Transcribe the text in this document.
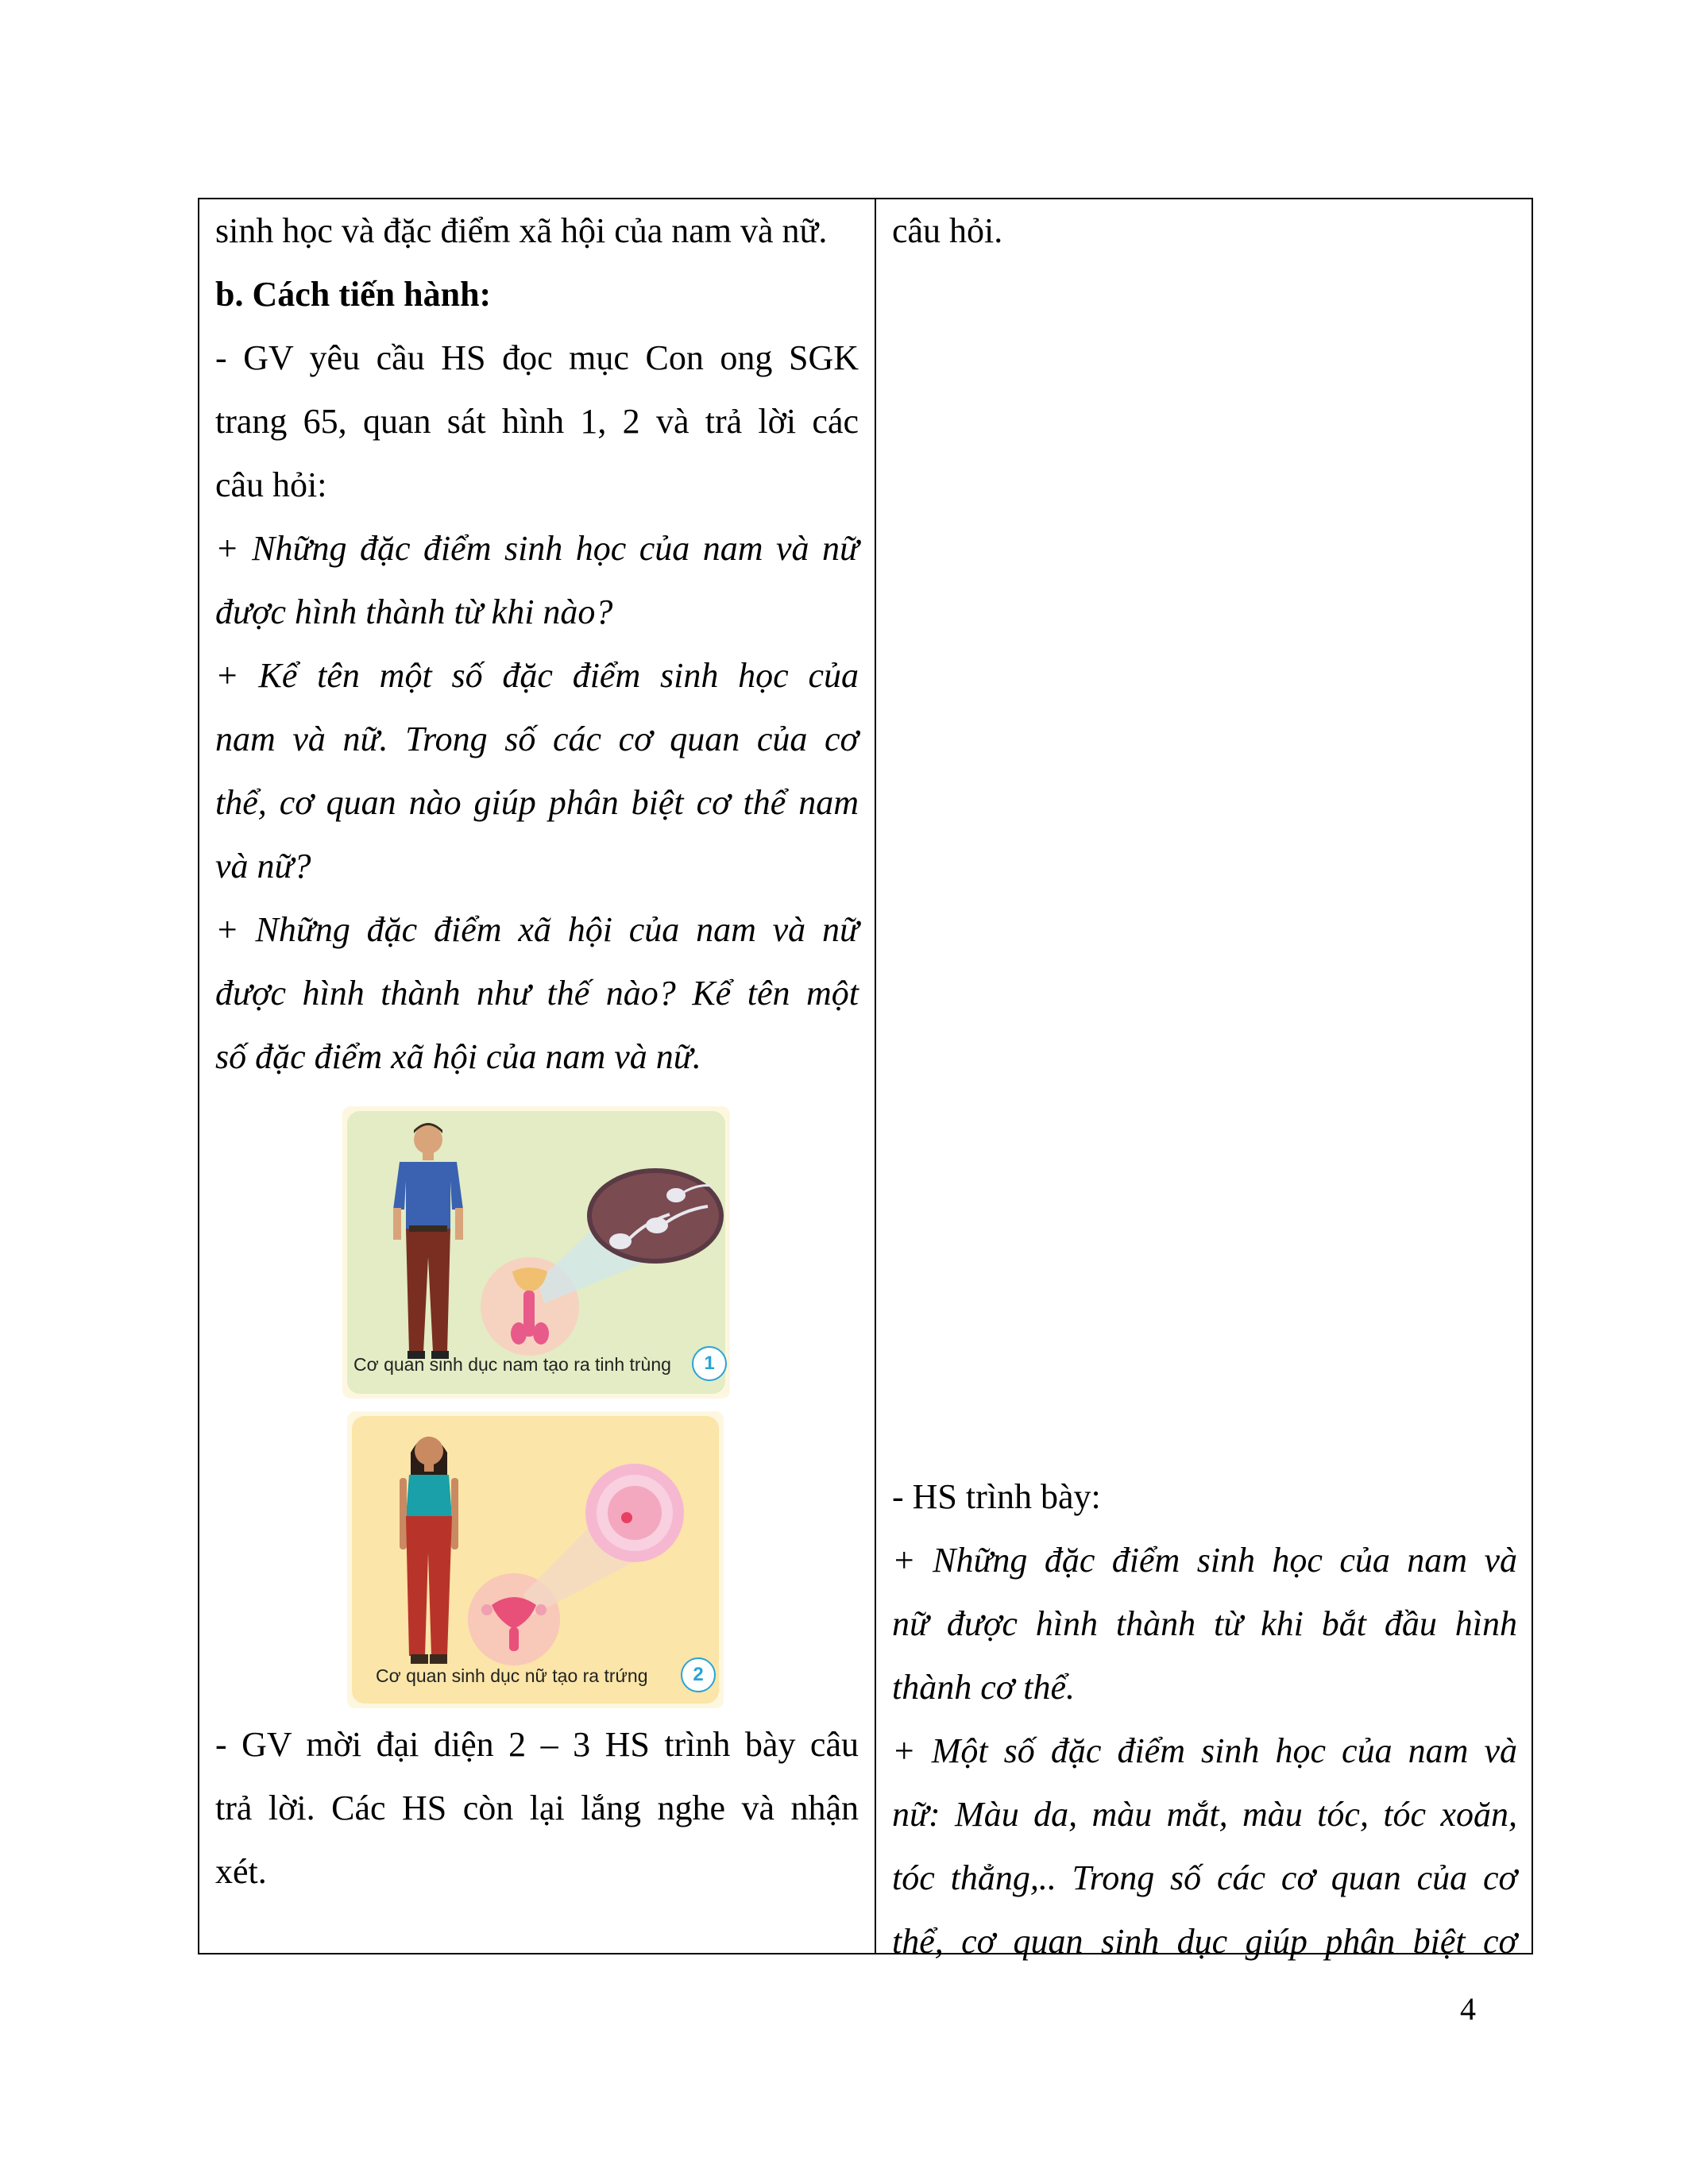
sinh học và đặc điểm xã hội của nam và nữ.
b. Cách tiến hành:
- GV yêu cầu HS đọc mục Con ong SGK
trang 65, quan sát hình 1, 2 và trả lời các
câu hỏi:
+ Những đặc điểm sinh học của nam và nữ
được hình thành từ khi nào?
+ Kể tên một số đặc điểm sinh học của
nam và nữ. Trong số các cơ quan của cơ
thể, cơ quan nào giúp phân biệt cơ thể nam
và nữ?
+ Những đặc điểm xã hội của nam và nữ
được hình thành như thế nào? Kể tên một
số đặc điểm xã hội của nam và nữ.
Cơ quan sinh dục nam tạo ra tinh trùng	1
Cơ quan sinh dục nữ tạo ra trứng	2
- GV mời đại diện 2 – 3 HS trình bày câu
trả lời. Các HS còn lại lắng nghe và nhận
xét.
câu hỏi.
- HS trình bày:
+ Những đặc điểm sinh học của nam và
nữ được hình thành từ khi bắt đầu hình
thành cơ thể.
+ Một số đặc điểm sinh học của nam và
nữ: Màu da, màu mắt, màu tóc, tóc xoăn,
tóc thẳng,.. Trong số các cơ quan của cơ
thể, cơ quan sinh dục giúp phân biệt cơ
4
